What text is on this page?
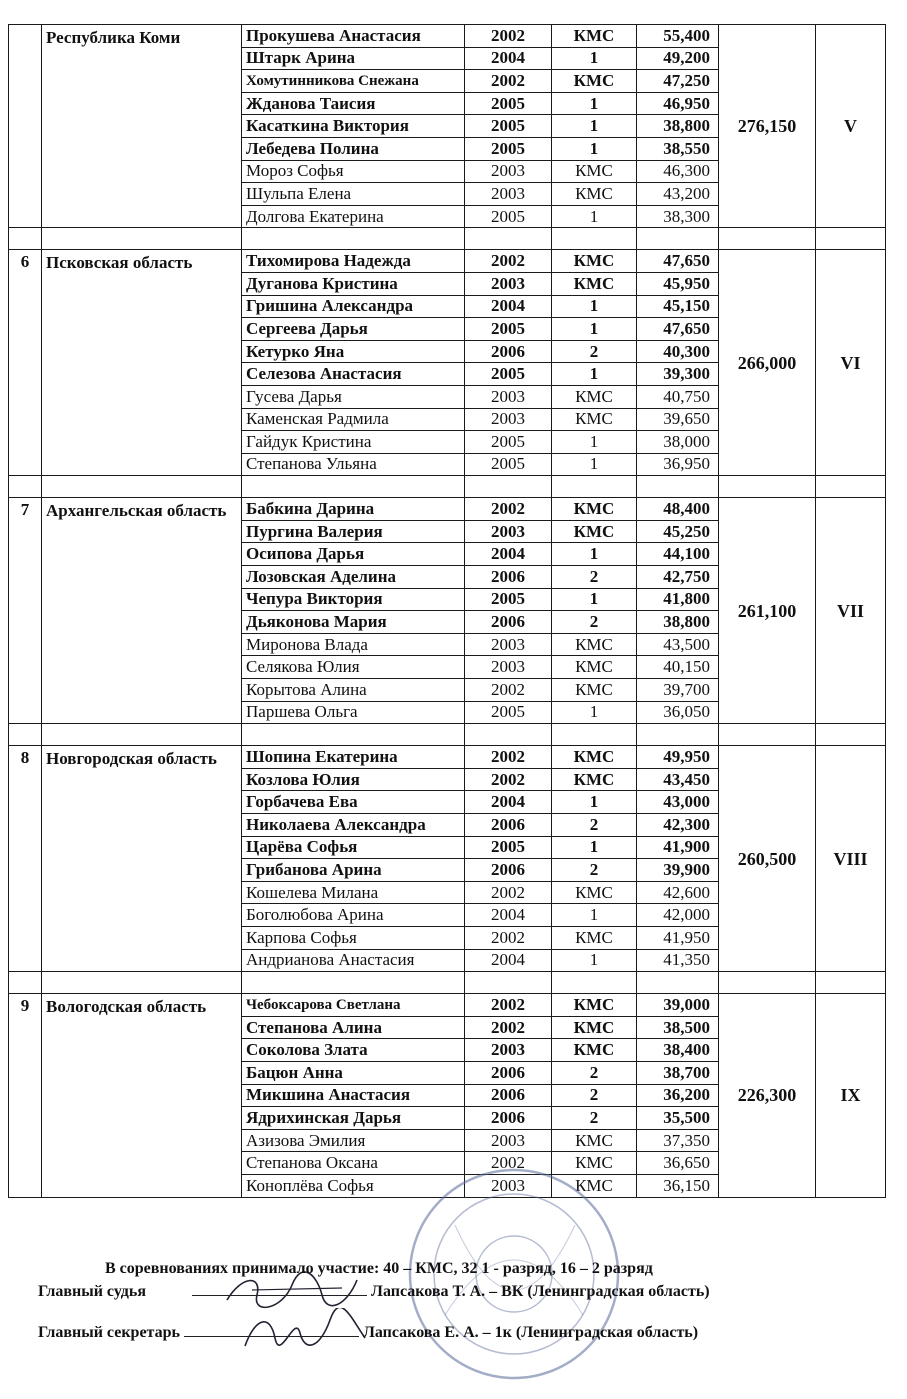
	Республика Коми	Прокушева Анастасия	2002	КМС	55,400	276,150	V
		Штарк Арина	2004	1	49,200		
		Хомутинникова Снежана	2002	КМС	47,250		
		Жданова Таисия	2005	1	46,950		
		Касаткина Виктория	2005	1	38,800		
		Лебедева Полина	2005	1	38,550		
		Мороз Софья	2003	КМС	46,300		
		Шульпа Елена	2003	КМС	43,200		
		Долгова Екатерина	2005	1	38,300		

6	Псковская область	Тихомирова Надежда	2002	КМС	47,650	266,000	VI
		Дуганова Кристина	2003	КМС	45,950		
		Гришина Александра	2004	1	45,150		
		Сергеева Дарья	2005	1	47,650		
		Кетурко Яна	2006	2	40,300		
		Селезова Анастасия	2005	1	39,300		
		Гусева Дарья	2003	КМС	40,750		
		Каменская Радмила	2003	КМС	39,650		
		Гайдук Кристина	2005	1	38,000		
		Степанова Ульяна	2005	1	36,950		

7	Архангельская область	Бабкина Дарина	2002	КМС	48,400	261,100	VII
		Пургина Валерия	2003	КМС	45,250		
		Осипова Дарья	2004	1	44,100		
		Лозовская Аделина	2006	2	42,750		
		Чепура Виктория	2005	1	41,800		
		Дьяконова Мария	2006	2	38,800		
		Миронова Влада	2003	КМС	43,500		
		Селякова Юлия	2003	КМС	40,150		
		Корытова Алина	2002	КМС	39,700		
		Паршева Ольга	2005	1	36,050		

8	Новгородская область	Шопина Екатерина	2002	КМС	49,950	260,500	VIII
		Козлова Юлия	2002	КМС	43,450		
		Горбачева Ева	2004	1	43,000		
		Николаева Александра	2006	2	42,300		
		Царёва Софья	2005	1	41,900		
		Грибанова Арина	2006	2	39,900		
		Кошелева Милана	2002	КМС	42,600		
		Боголюбова Арина	2004	1	42,000		
		Карпова Софья	2002	КМС	41,950		
		Андрианова Анастасия	2004	1	41,350		

9	Вологодская область	Чебоксарова Светлана	2002	КМС	39,000	226,300	IX
		Степанова Алина	2002	КМС	38,500		
		Соколова Злата	2003	КМС	38,400		
		Бацюн Анна	2006	2	38,700		
		Микшина Анастасия	2006	2	36,200		
		Ядрихинская Дарья	2006	2	35,500		
		Азизова Эмилия	2003	КМС	37,350		
		Степанова Оксана	2002	КМС	36,650		
		Коноплёва Софья	2003	КМС	36,150		
В соревнованиях принимало участие: 40 – КМС, 32 1 - разряд, 16 – 2 разряд
Главный судья	Лапсакова Т. А. – ВК (Ленинградская область)
Главный секретарь	Лапсакова Е. А. – 1к (Ленинградская область)
